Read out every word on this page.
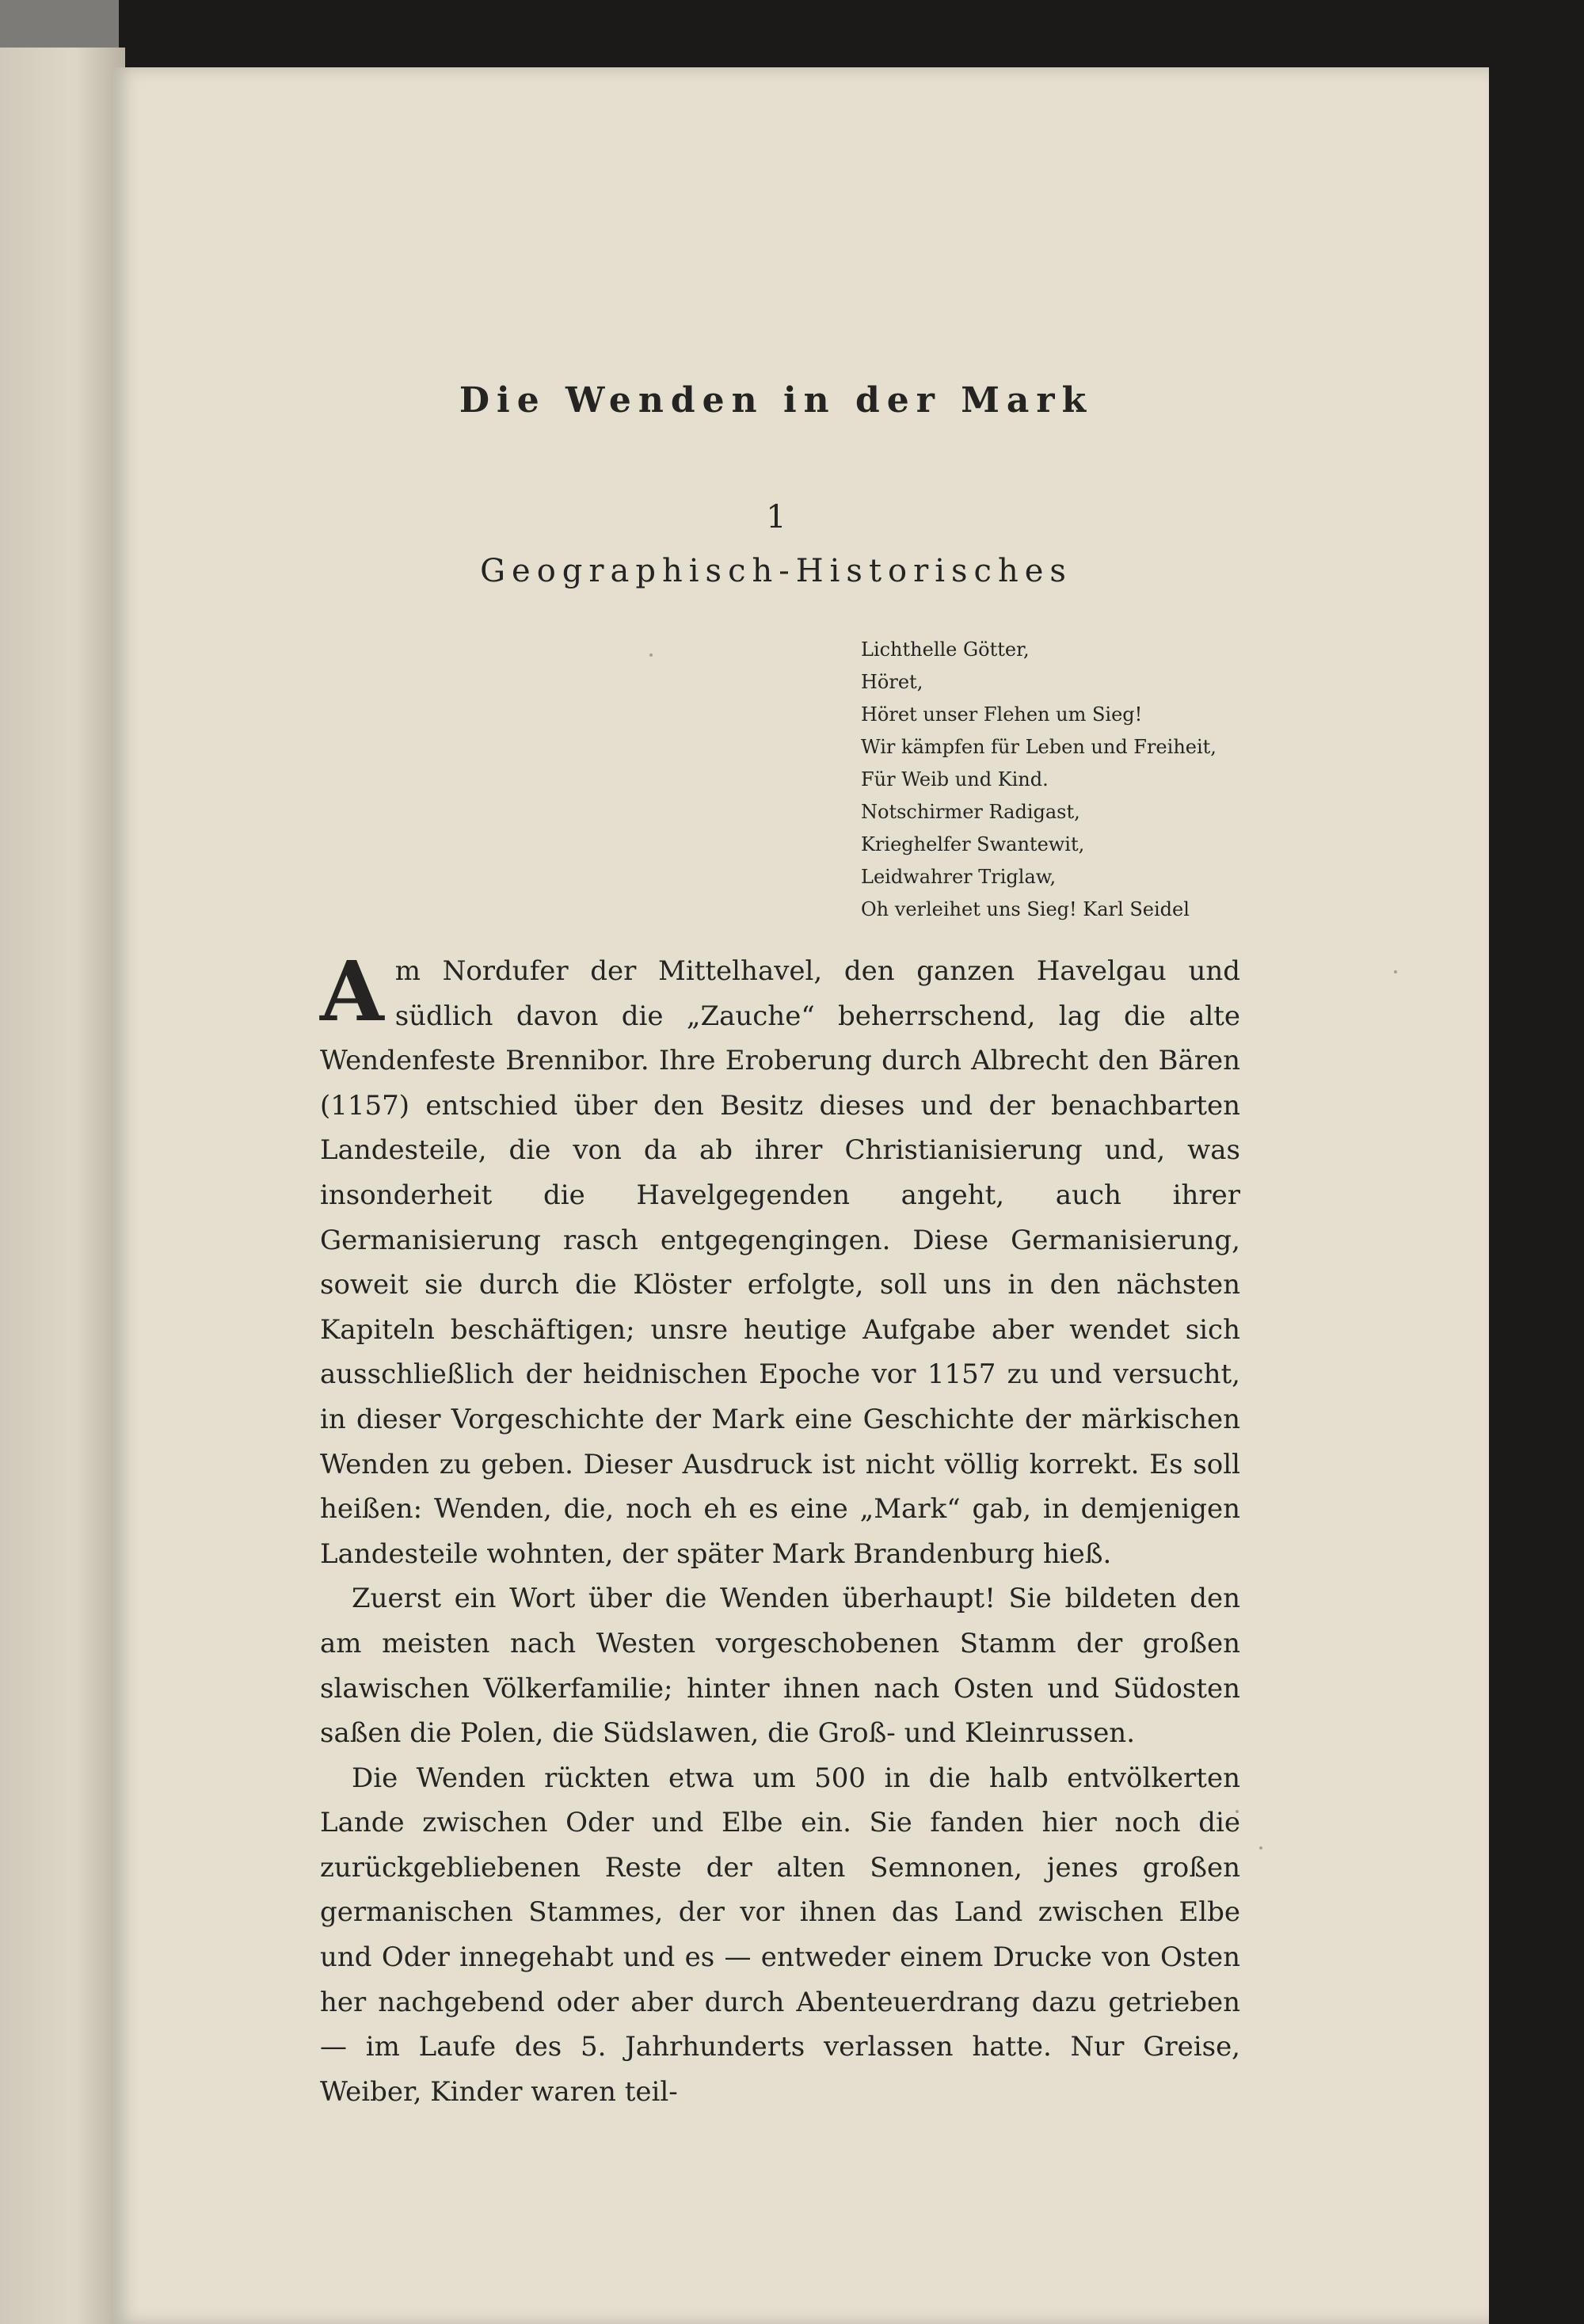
Die Wenden in der Mark
1
Geographisch-Historisches
Lichthelle Götter,
Höret,
Höret unser Flehen um Sieg!
Wir kämpfen für Leben und Freiheit,
Für Weib und Kind.
Notschirmer Radigast,
Krieghelfer Swantewit,
Leidwahrer Triglaw,
Oh verleihet uns Sieg! Karl Seidel

A m Nordufer der Mittelhavel, den ganzen Havelgau und südlich davon die „Zauche“ beherrschend, lag die alte Wendenfeste Brennibor. Ihre Eroberung durch Albrecht den Bären (1157) entschied über den Besitz dieses und der benachbarten Landesteile, die von da ab ihrer Christianisierung und, was insonderheit die Havelgegenden angeht, auch ihrer Germanisierung rasch entgegengingen. Diese Germanisierung, soweit sie durch die Klöster erfolgte, soll uns in den nächsten Kapiteln beschäftigen; unsre heutige Aufgabe aber wendet sich ausschließlich der heidnischen Epoche vor 1157 zu und versucht, in dieser Vorgeschichte der Mark eine Geschichte der märkischen Wenden zu geben. Dieser Ausdruck ist nicht völlig korrekt. Es soll heißen: Wenden, die, noch eh es eine „Mark“ gab, in demjenigen Landesteile wohnten, der später Mark Brandenburg hieß.

Zuerst ein Wort über die Wenden überhaupt! Sie bildeten den am meisten nach Westen vorgeschobenen Stamm der großen slawischen Völkerfamilie; hinter ihnen nach Osten und Südosten saßen die Polen, die Südslawen, die Groß- und Kleinrussen.

Die Wenden rückten etwa um 500 in die halb entvölkerten Lande zwischen Oder und Elbe ein. Sie fanden hier noch die zurückgebliebenen Reste der alten Semnonen, jenes großen germanischen Stammes, der vor ihnen das Land zwischen Elbe und Oder innegehabt und es — entweder einem Drucke von Osten her nachgebend oder aber durch Abenteuerdrang dazu getrieben — im Laufe des 5. Jahrhunderts verlassen hatte. Nur Greise, Weiber, Kinder waren teil-
